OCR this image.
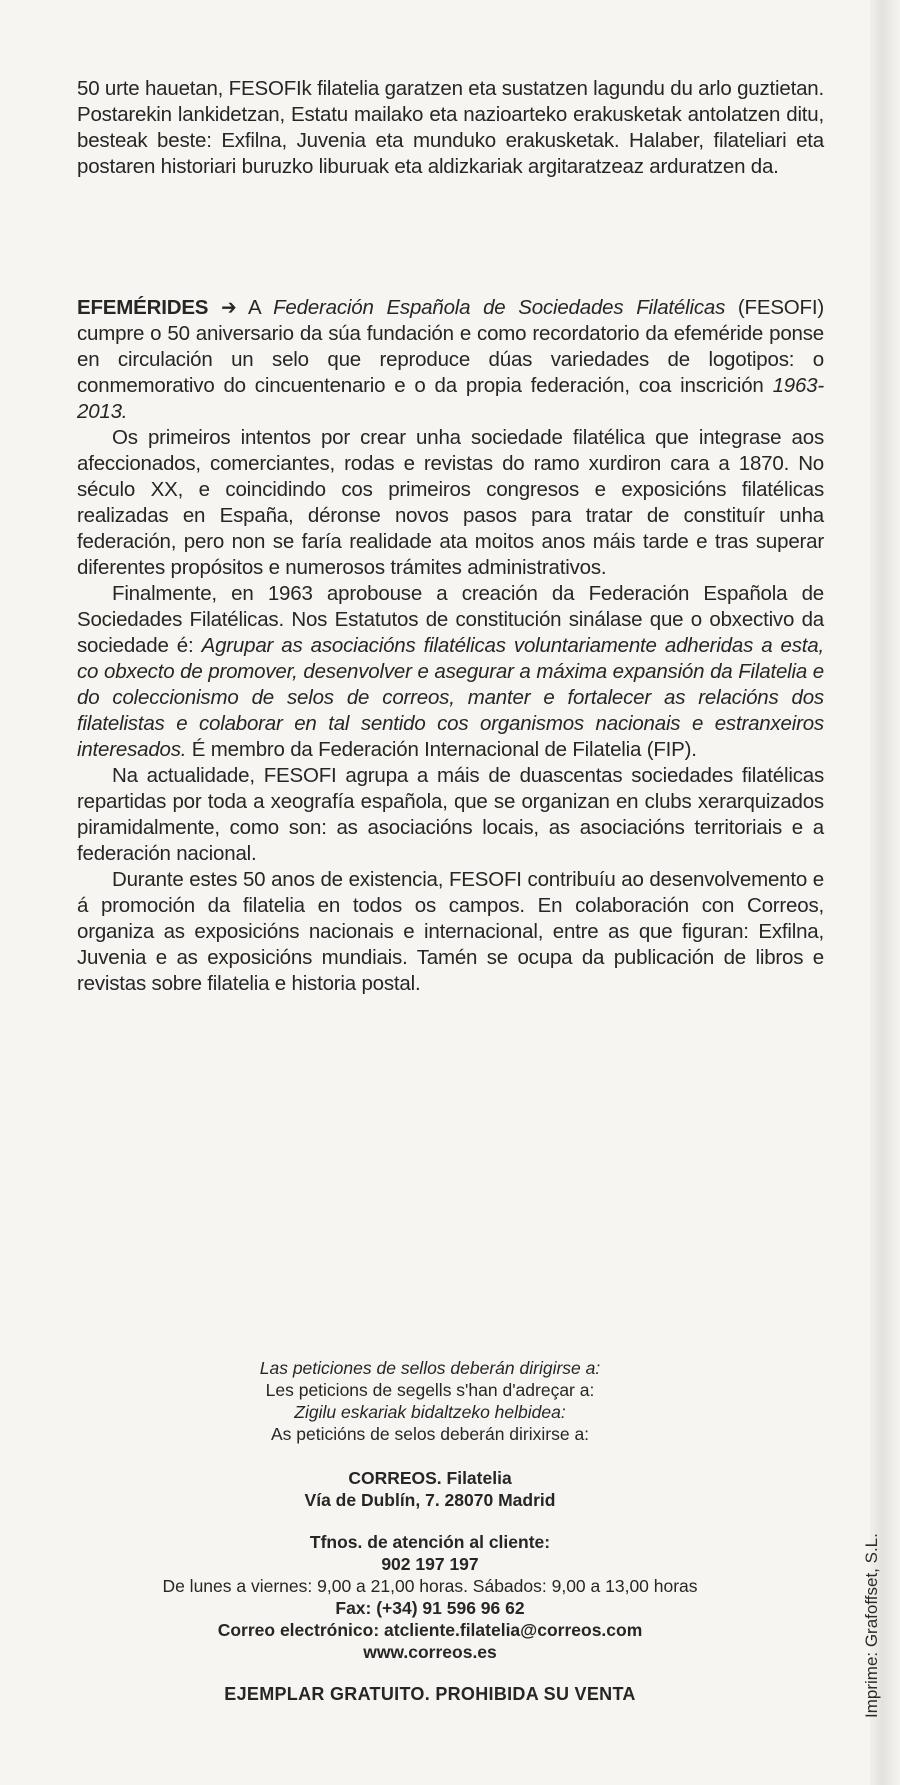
50 urte hauetan, FESOFIk filatelia garatzen eta sustatzen lagundu du arlo guztietan. Postarekin lankidetzan, Estatu mailako eta nazioarteko erakusketak antolatzen ditu, besteak beste: Exfilna, Juvenia eta munduko erakusketak. Halaber, filateliari eta postaren historiari buruzko liburuak eta aldizkariak argitaratzeaz arduratzen da.

EFEMÉRIDES ➔ A Federación Española de Sociedades Filatélicas (FESOFI) cumpre o 50 aniversario da súa fundación e como recordatorio da efeméride ponse en circulación un selo que reproduce dúas variedades de logotipos: o conmemorativo do cincuentenario e o da propia federación, coa inscrición 1963-2013.

Os primeiros intentos por crear unha sociedade filatélica que integrase aos afeccionados, comerciantes, rodas e revistas do ramo xurdiron cara a 1870. No século XX, e coincidindo cos primeiros congresos e exposicións filatélicas realizadas en España, déronse novos pasos para tratar de constituír unha federación, pero non se faría realidade ata moitos anos máis tarde e tras superar diferentes propósitos e numerosos trámites administrativos.

Finalmente, en 1963 aprobouse a creación da Federación Española de Sociedades Filatélicas. Nos Estatutos de constitución sinálase que o obxectivo da sociedade é: Agrupar as asociacións filatélicas voluntariamente adheridas a esta, co obxecto de promover, desenvolver e asegurar a máxima expansión da Filatelia e do coleccionismo de selos de correos, manter e fortalecer as relacións dos filatelistas e colaborar en tal sentido cos organismos nacionais e estranxeiros interesados. É membro da Federación Internacional de Filatelia (FIP).

Na actualidade, FESOFI agrupa a máis de duascentas sociedades filatélicas repartidas por toda a xeografía española, que se organizan en clubs xerarquizados piramidalmente, como son: as asociacións locais, as asociacións territoriais e a federación nacional.

Durante estes 50 anos de existencia, FESOFI contribuíu ao desenvolvemento e á promoción da filatelia en todos os campos. En colaboración con Correos, organiza as exposicións nacionais e internacional, entre as que figuran: Exfilna, Juvenia e as exposicións mundiais. Tamén se ocupa da publicación de libros e revistas sobre filatelia e historia postal.

Las peticiones de sellos deberán dirigirse a:
Les peticions de segells s'han d'adreçar a:
Zigilu eskariak bidaltzeko helbidea:
As peticións de selos deberán dirixirse a:
CORREOS. Filatelia
Vía de Dublín, 7. 28070 Madrid
Tfnos. de atención al cliente:
902 197 197
De lunes a viernes: 9,00 a 21,00 horas. Sábados: 9,00 a 13,00 horas
Fax: (+34) 91 596 96 62
Correo electrónico: atcliente.filatelia@correos.com
www.correos.es
EJEMPLAR GRATUITO. PROHIBIDA SU VENTA	Imprime: Grafoffset, S.L.
